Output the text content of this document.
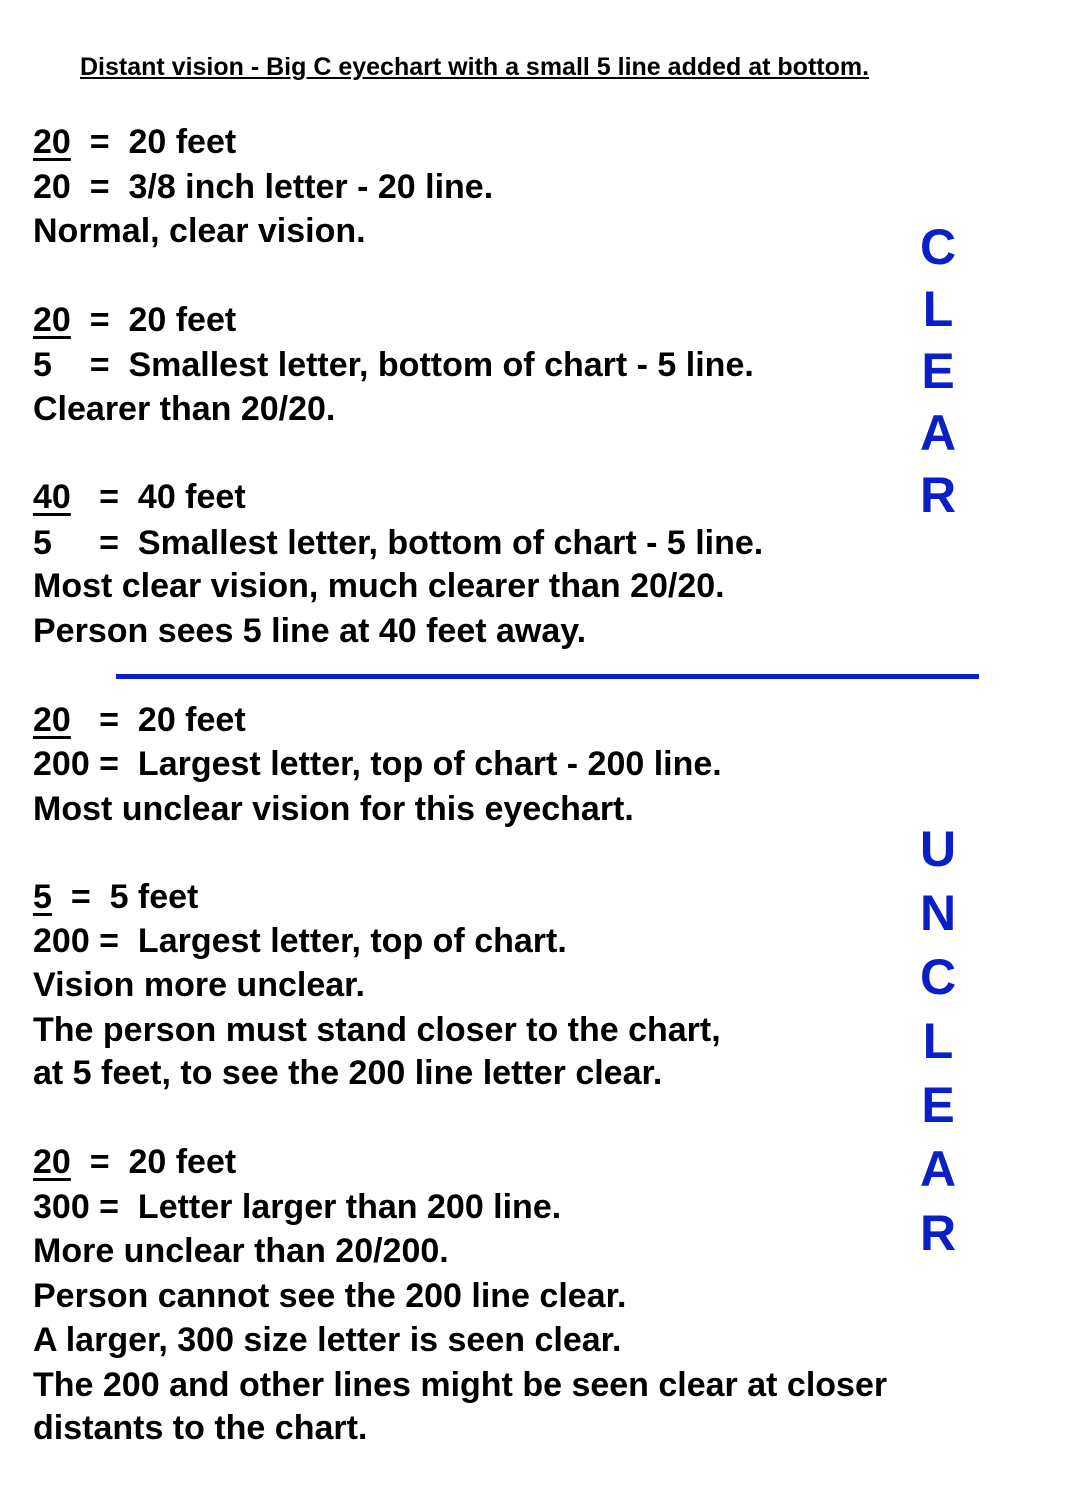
Distant vision - Big C eyechart with a small 5 line added at bottom.
20  =  20 feet
20  =  3/8 inch letter - 20 line.
Normal, clear vision.
20  =  20 feet
5    =  Smallest letter, bottom of chart - 5 line.
Clearer than 20/20.
40   =  40 feet
5     =  Smallest letter, bottom of chart - 5 line.
Most clear vision, much clearer than 20/20.
Person sees 5 line at 40 feet away.
20   =  20 feet
200 =  Largest letter, top of chart - 200 line.
Most unclear vision for this eyechart.
5  =  5 feet
200 =  Largest letter, top of chart.
Vision more unclear.
The person must stand closer to the chart,
at 5 feet, to see the 200 line letter clear.
20  =  20 feet
300 =  Letter larger than 200 line.
More unclear than 20/200.
Person cannot see the 200 line clear.
A larger, 300 size letter is seen clear.
The 200 and other lines might be seen clear at closer
distants to the chart.
C
L
E
A
R
U
N
C
L
E
A
R
